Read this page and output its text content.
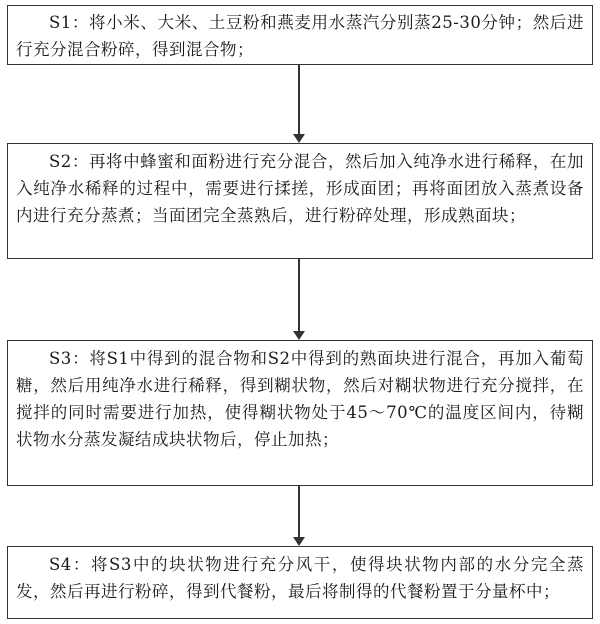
S1：将小米、大米、土豆粉和燕麦用水蒸汽分别蒸25-30分钟；然后进行充分混合粉碎，得到混合物；

S2：再将中蜂蜜和面粉进行充分混合，然后加入纯净水进行稀释，在加入纯净水稀释的过程中，需要进行揉搓，形成面团；再将面团放入蒸煮设备内进行充分蒸煮；当面团完全蒸熟后，进行粉碎处理，形成熟面块；

S3：将S1中得到的混合物和S2中得到的熟面块进行混合，再加入葡萄糖，然后用纯净水进行稀释，得到糊状物，然后对糊状物进行充分搅拌，在搅拌的同时需要进行加热，使得糊状物处于45～70℃的温度区间内，待糊状物水分蒸发凝结成块状物后，停止加热；

S4：将S3中的块状物进行充分风干，使得块状物内部的水分完全蒸发，然后再进行粉碎，得到代餐粉，最后将制得的代餐粉置于分量杯中；
